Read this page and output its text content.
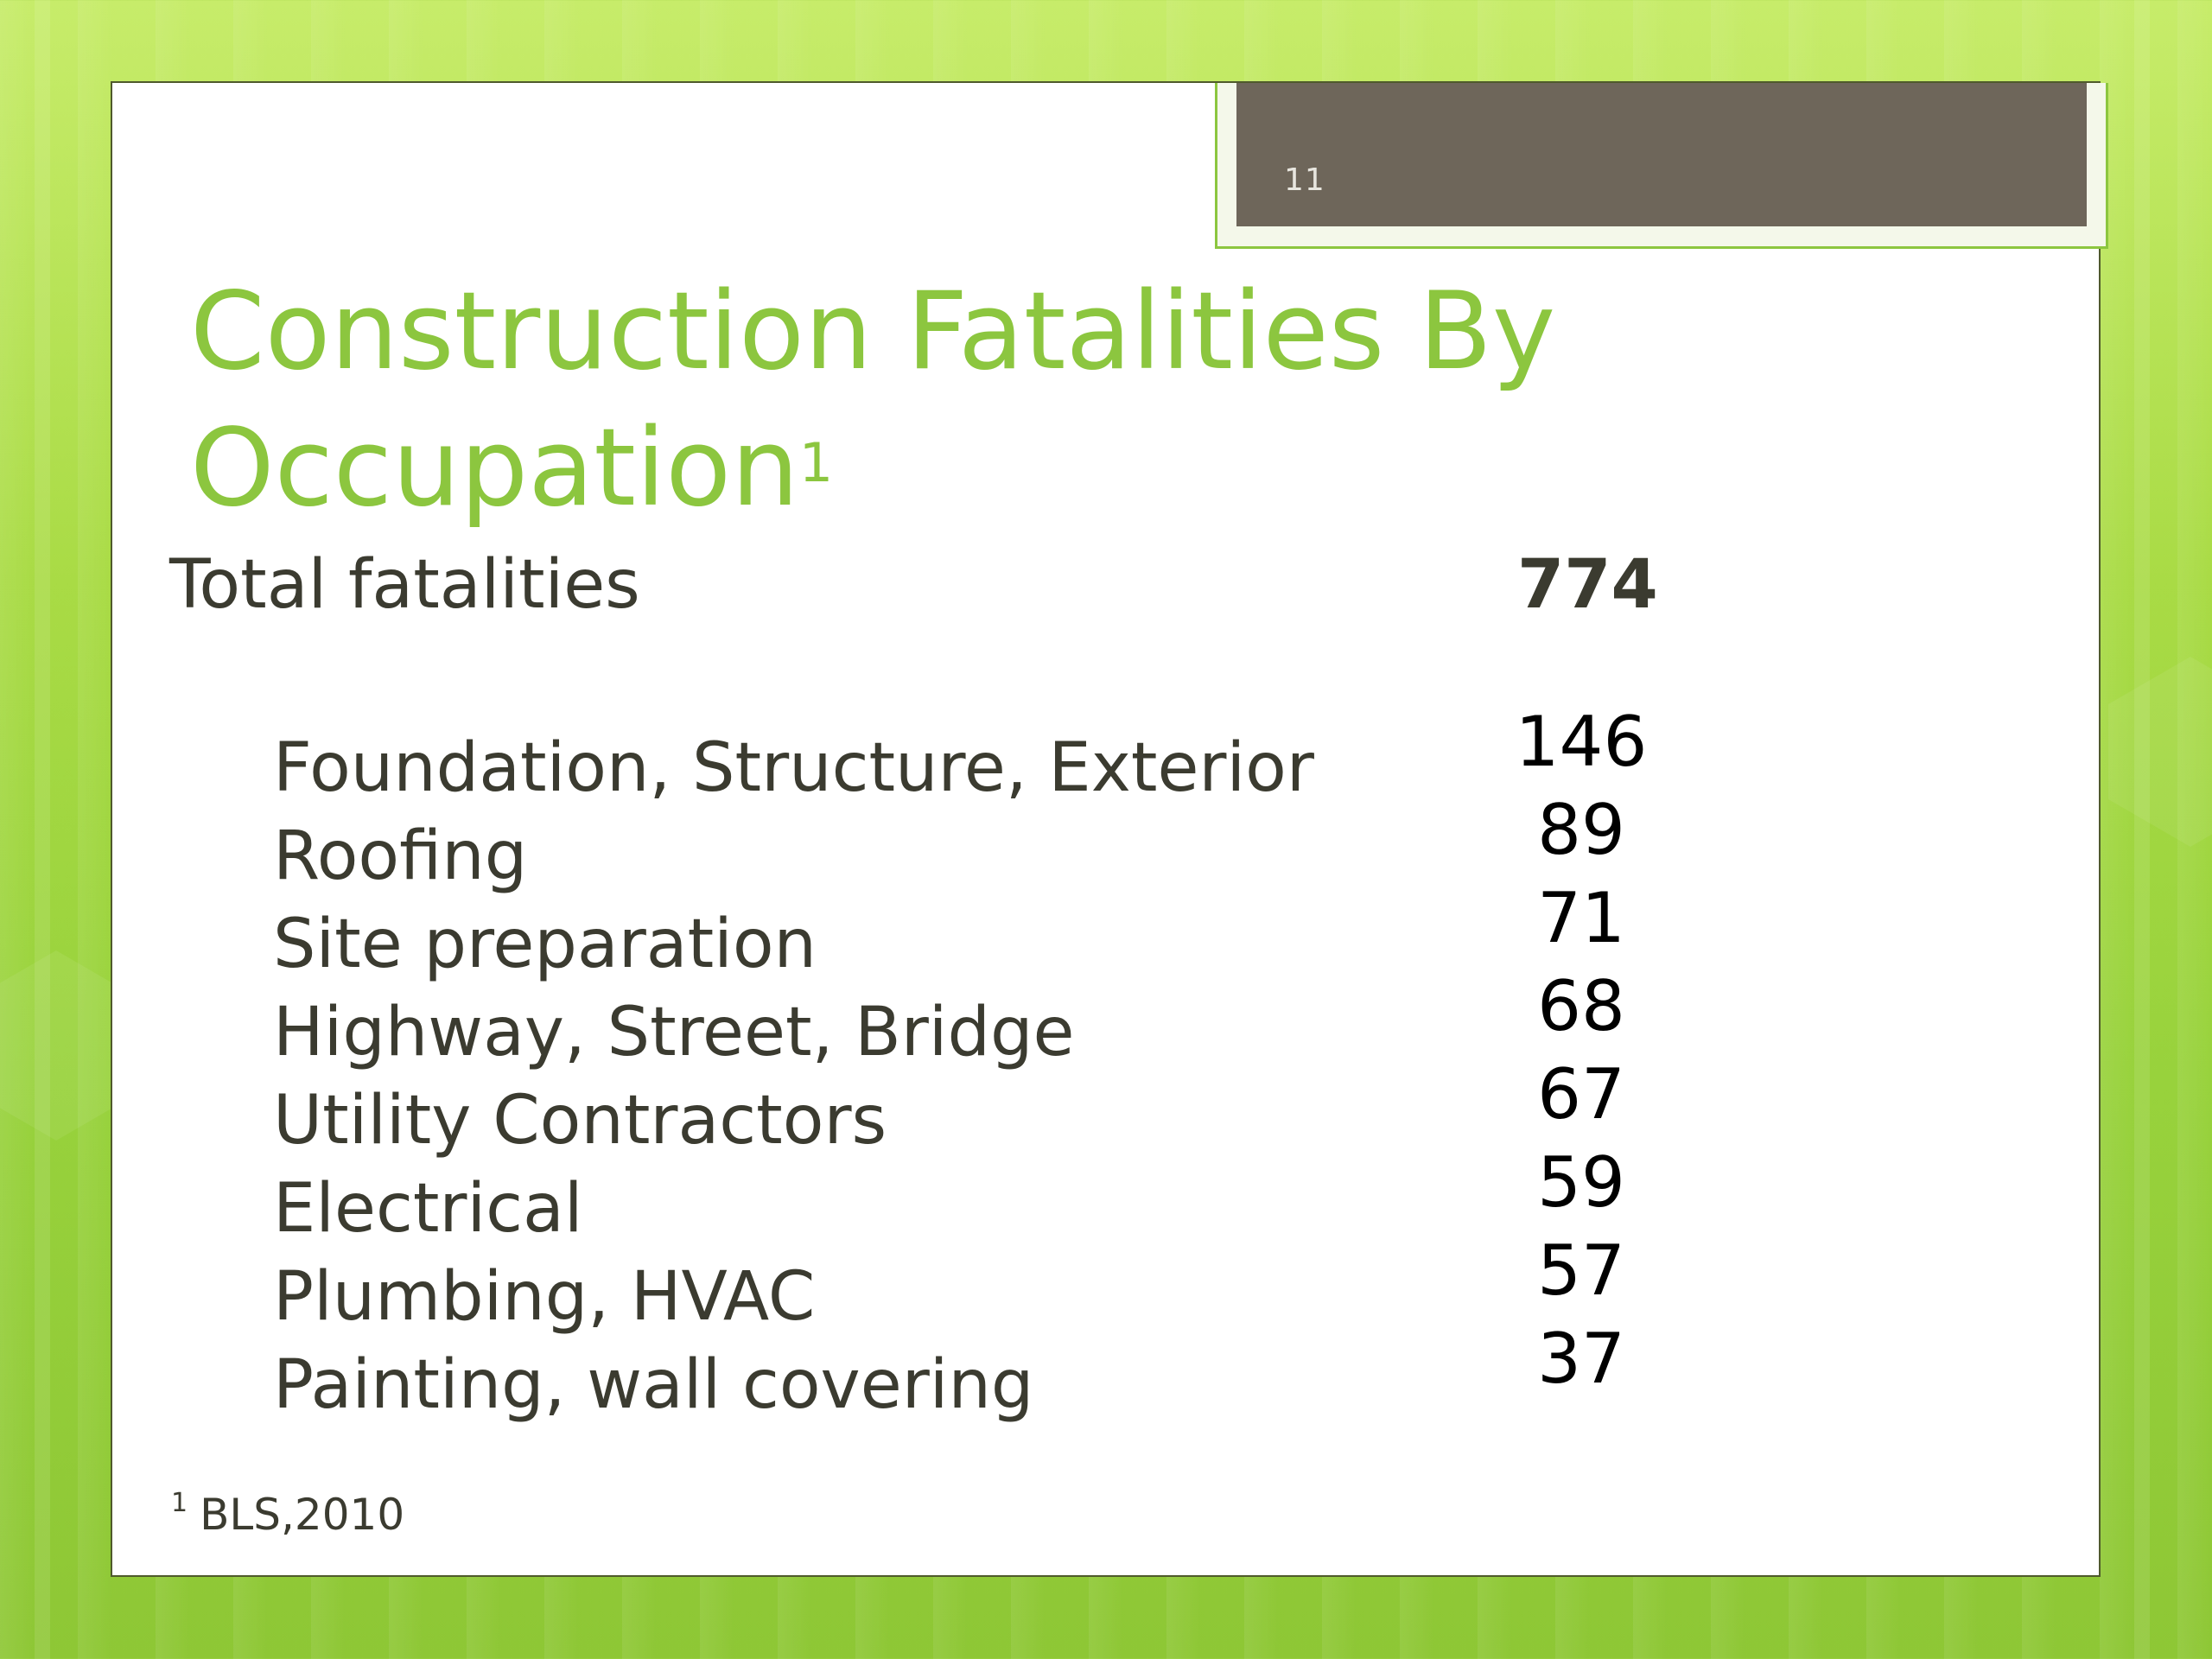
11
Construction Fatalities By Occupation$^1$
Total fatalities	774
Foundation, Structure, Exterior
Roofing
Site preparation
Highway, Street, Bridge
Utility Contractors
Electrical
Plumbing, HVAC
Painting, wall covering
146
89
71
68
67
59
57
37
$^1$ BLS,2010
